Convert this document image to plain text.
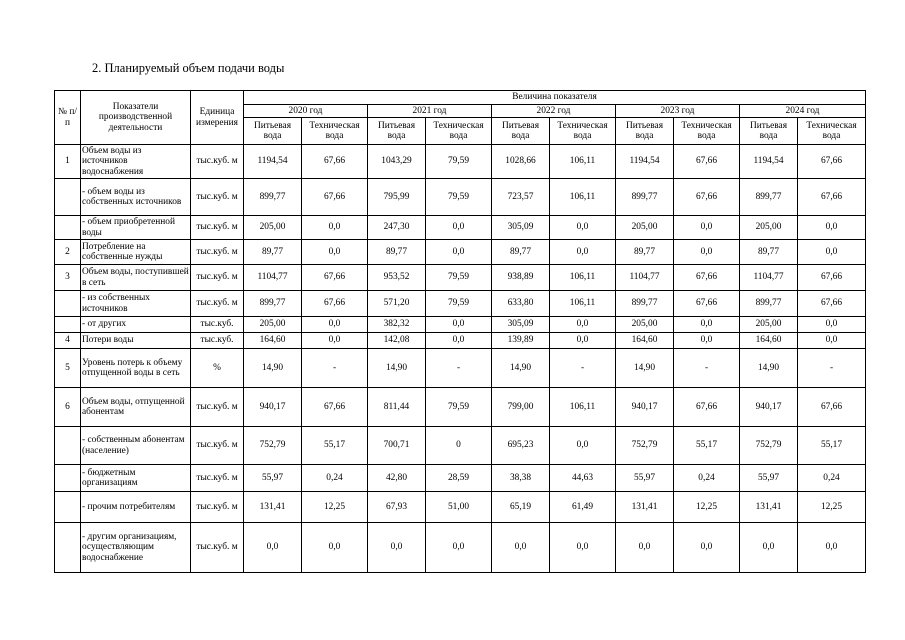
2. Планируемый объем подачи воды
№ п/п	Показатели производственной деятельности	Единица измерения	Величина показателя									
			2020 год		2021 год		2022 год		2023 год		2024 год	
			Питьевая вода	Техническая вода	Питьевая вода	Техническая вода	Питьевая вода	Техническая вода	Питьевая вода	Техническая вода	Питьевая вода	Техническая вода
1	Объем воды из источников водоснабжения	тыс.куб. м	1194,54	67,66	1043,29	79,59	1028,66	106,11	1194,54	67,66	1194,54	67,66
	- объем воды из собственных источников	тыс.куб. м	899,77	67,66	795,99	79,59	723,57	106,11	899,77	67,66	899,77	67,66
	- объем приобретенной воды	тыс.куб. м	205,00	0,0	247,30	0,0	305,09	0,0	205,00	0,0	205,00	0,0
2	Потребление на собственные нужды	тыс.куб. м	89,77	0,0	89,77	0,0	89,77	0,0	89,77	0,0	89,77	0,0
3	Объем воды, поступившей в сеть	тыс.куб. м	1104,77	67,66	953,52	79,59	938,89	106,11	1104,77	67,66	1104,77	67,66
	- из собственных источников	тыс.куб. м	899,77	67,66	571,20	79,59	633,80	106,11	899,77	67,66	899,77	67,66
	- от других	тыс.куб.	205,00	0,0	382,32	0,0	305,09	0,0	205,00	0,0	205,00	0,0
4	Потери воды	тыс.куб.	164,60	0,0	142,08	0,0	139,89	0,0	164,60	0,0	164,60	0,0
5	Уровень потерь к объему отпущенной воды в сеть	%	14,90	-	14,90	-	14,90	-	14,90	-	14,90	-
6	Объем воды, отпущенной абонентам	тыс.куб. м	940,17	67,66	811,44	79,59	799,00	106,11	940,17	67,66	940,17	67,66
	- собственным абонентам (население)	тыс.куб. м	752,79	55,17	700,71	0	695,23	0,0	752,79	55,17	752,79	55,17
	- бюджетным организациям	тыс.куб. м	55,97	0,24	42,80	28,59	38,38	44,63	55,97	0,24	55,97	0,24
	- прочим потребителям	тыс.куб. м	131,41	12,25	67,93	51,00	65,19	61,49	131,41	12,25	131,41	12,25
	- другим организациям, осуществляющим водоснабжение	тыс.куб. м	0,0	0,0	0,0	0,0	0,0	0,0	0,0	0,0	0,0	0,0
